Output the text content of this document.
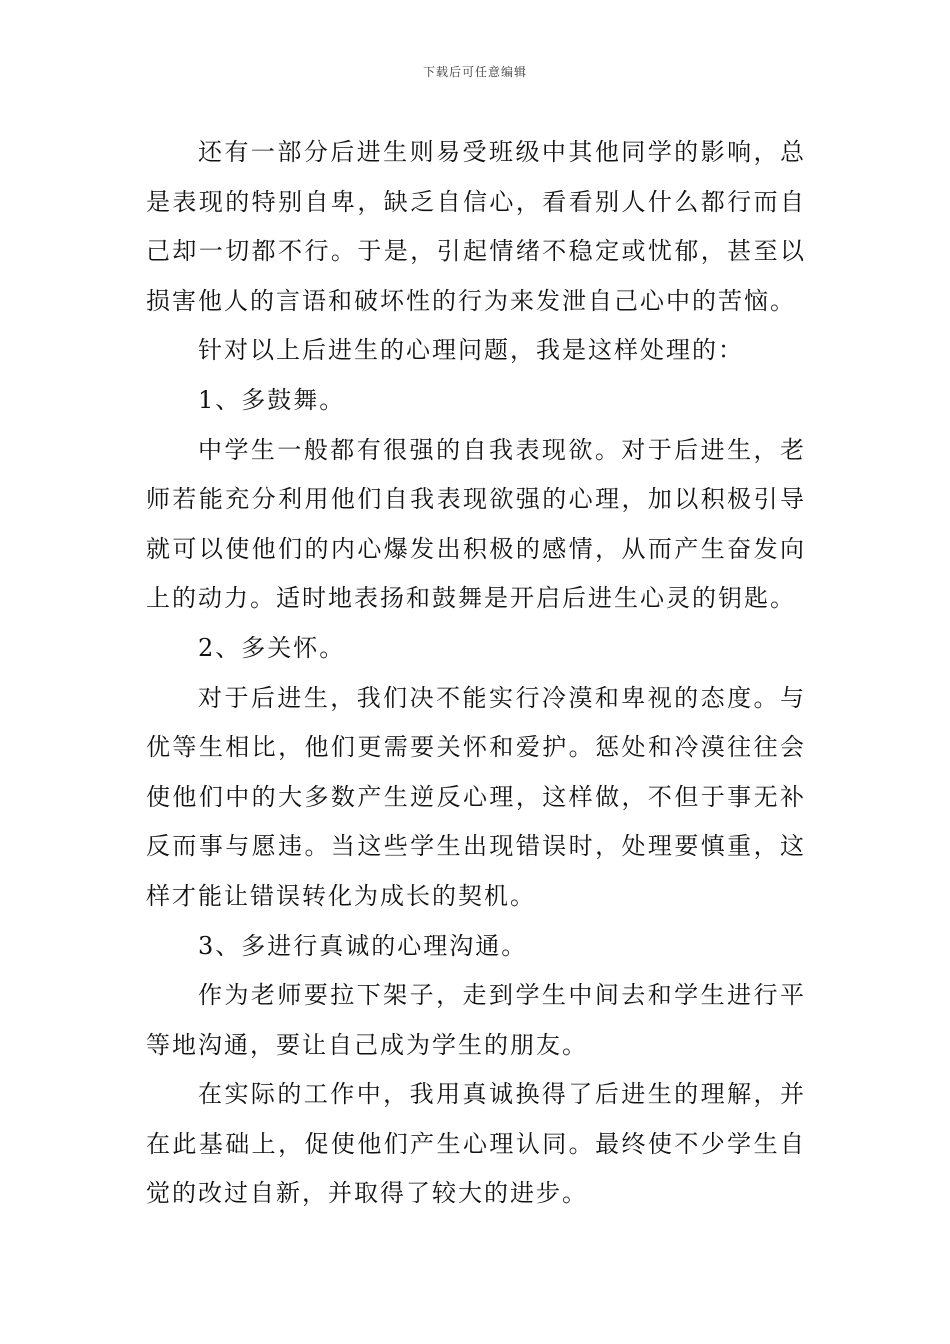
下载后可任意编辑

还有一部分后进生则易受班级中其他同学的影响，总是表现的特别自卑，缺乏自信心，看看别人什么都行而自己却一切都不行。于是，引起情绪不稳定或忧郁，甚至以损害他人的言语和破坏性的行为来发泄自己心中的苦恼。

针对以上后进生的心理问题，我是这样处理的：

1、多鼓舞。

中学生一般都有很强的自我表现欲。对于后进生，老师若能充分利用他们自我表现欲强的心理，加以积极引导就可以使他们的内心爆发出积极的感情，从而产生奋发向上的动力。适时地表扬和鼓舞是开启后进生心灵的钥匙。

2、多关怀。

对于后进生，我们决不能实行冷漠和卑视的态度。与优等生相比，他们更需要关怀和爱护。惩处和冷漠往往会使他们中的大多数产生逆反心理，这样做，不但于事无补反而事与愿违。当这些学生出现错误时，处理要慎重，这样才能让错误转化为成长的契机。

3、多进行真诚的心理沟通。

作为老师要拉下架子，走到学生中间去和学生进行平等地沟通，要让自己成为学生的朋友。

在实际的工作中，我用真诚换得了后进生的理解，并在此基础上，促使他们产生心理认同。最终使不少学生自觉的改过自新，并取得了较大的进步。
